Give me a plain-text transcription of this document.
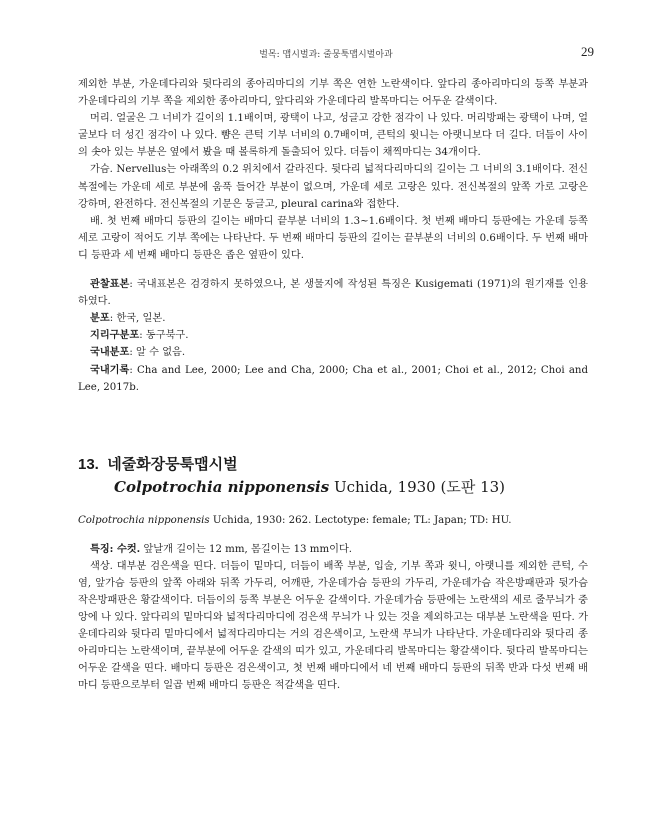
벌목: 맵시벌과: 줄뭉툭맵시벌아과	29

제외한 부분, 가운데다리와 뒷다리의 종아리마디의 기부 쪽은 연한 노란색이다. 앞다리 종아리마디의 등쪽 부분과 가운데다리의 기부 쪽을 제외한 종아리마디, 앞다리와 가운데다리 발목마디는 어두운 갈색이다.

머리. 얼굴은 그 너비가 길이의 1.1배이며, 광택이 나고, 성글고 강한 점각이 나 있다. 머리방패는 광택이 나며, 얼굴보다 더 성긴 점각이 나 있다. 뺨은 큰턱 기부 너비의 0.7배이며, 큰턱의 윗니는 아랫니보다 더 길다. 더듬이 사이의 솟아 있는 부분은 옆에서 봤을 때 볼록하게 돌출되어 있다. 더듬이 채찍마디는 34개이다.

가슴. Nervellus는 아래쪽의 0.2 위치에서 갈라진다. 뒷다리 넓적다리마디의 길이는 그 너비의 3.1배이다. 전신복절에는 가운데 세로 부분에 움푹 들어간 부분이 없으며, 가운데 세로 고랑은 있다. 전신복절의 앞쪽 가로 고랑은 강하며, 완전하다. 전신복절의 기문은 둥글고, pleural carina와 접한다.

배. 첫 번째 배마디 등판의 길이는 배마디 끝부분 너비의 1.3~1.6배이다. 첫 번째 배마디 등판에는 가운데 등쪽 세로 고랑이 적어도 기부 쪽에는 나타난다. 두 번째 배마디 등판의 길이는 끝부분의 너비의 0.6배이다. 두 번째 배마디 등판과 세 번째 배마디 등판은 좁은 옆판이 있다.

관찰표본: 국내표본은 검경하지 못하였으나, 본 생물지에 작성된 특징은 Kusigemati (1971)의 원기재를 인용하였다.

분포: 한국, 일본.

지리구분포: 동구북구.

국내분포: 알 수 없음.

국내기록: Cha and Lee, 2000; Lee and Cha, 2000; Cha et al., 2001; Choi et al., 2012; Choi and Lee, 2017b.

13. 네줄화장뭉툭맵시벌
Colpotrochia nipponensis Uchida, 1930 (도판 13)

Colpotrochia nipponensis Uchida, 1930: 262. Lectotype: female; TL: Japan; TD: HU.

특징: 수컷. 앞날개 길이는 12 mm, 몸길이는 13 mm이다.

색상. 대부분 검은색을 띤다. 더듬이 밑마디, 더듬이 배쪽 부분, 입술, 기부 쪽과 윗니, 아랫니를 제외한 큰턱, 수염, 앞가슴 등판의 앞쪽 아래와 뒤쪽 가두리, 어깨판, 가운데가슴 등판의 가두리, 가운데가슴 작은방패판과 뒷가슴 작은방패판은 황갈색이다. 더듬이의 등쪽 부분은 어두운 갈색이다. 가운데가슴 등판에는 노란색의 세로 줄무늬가 중앙에 나 있다. 앞다리의 밑마디와 넓적다리마디에 검은색 무늬가 나 있는 것을 제외하고는 대부분 노란색을 띤다. 가운데다리와 뒷다리 밑마디에서 넓적다리마디는 거의 검은색이고, 노란색 무늬가 나타난다. 가운데다리와 뒷다리 종아리마디는 노란색이며, 끝부분에 어두운 갈색의 띠가 있고, 가운데다리 발목마디는 황갈색이다. 뒷다리 발목마디는 어두운 갈색을 띤다. 배마디 등판은 검은색이고, 첫 번째 배마디에서 네 번째 배마디 등판의 뒤쪽 반과 다섯 번째 배마디 등판으로부터 일곱 번째 배마디 등판은 적갈색을 띤다.
